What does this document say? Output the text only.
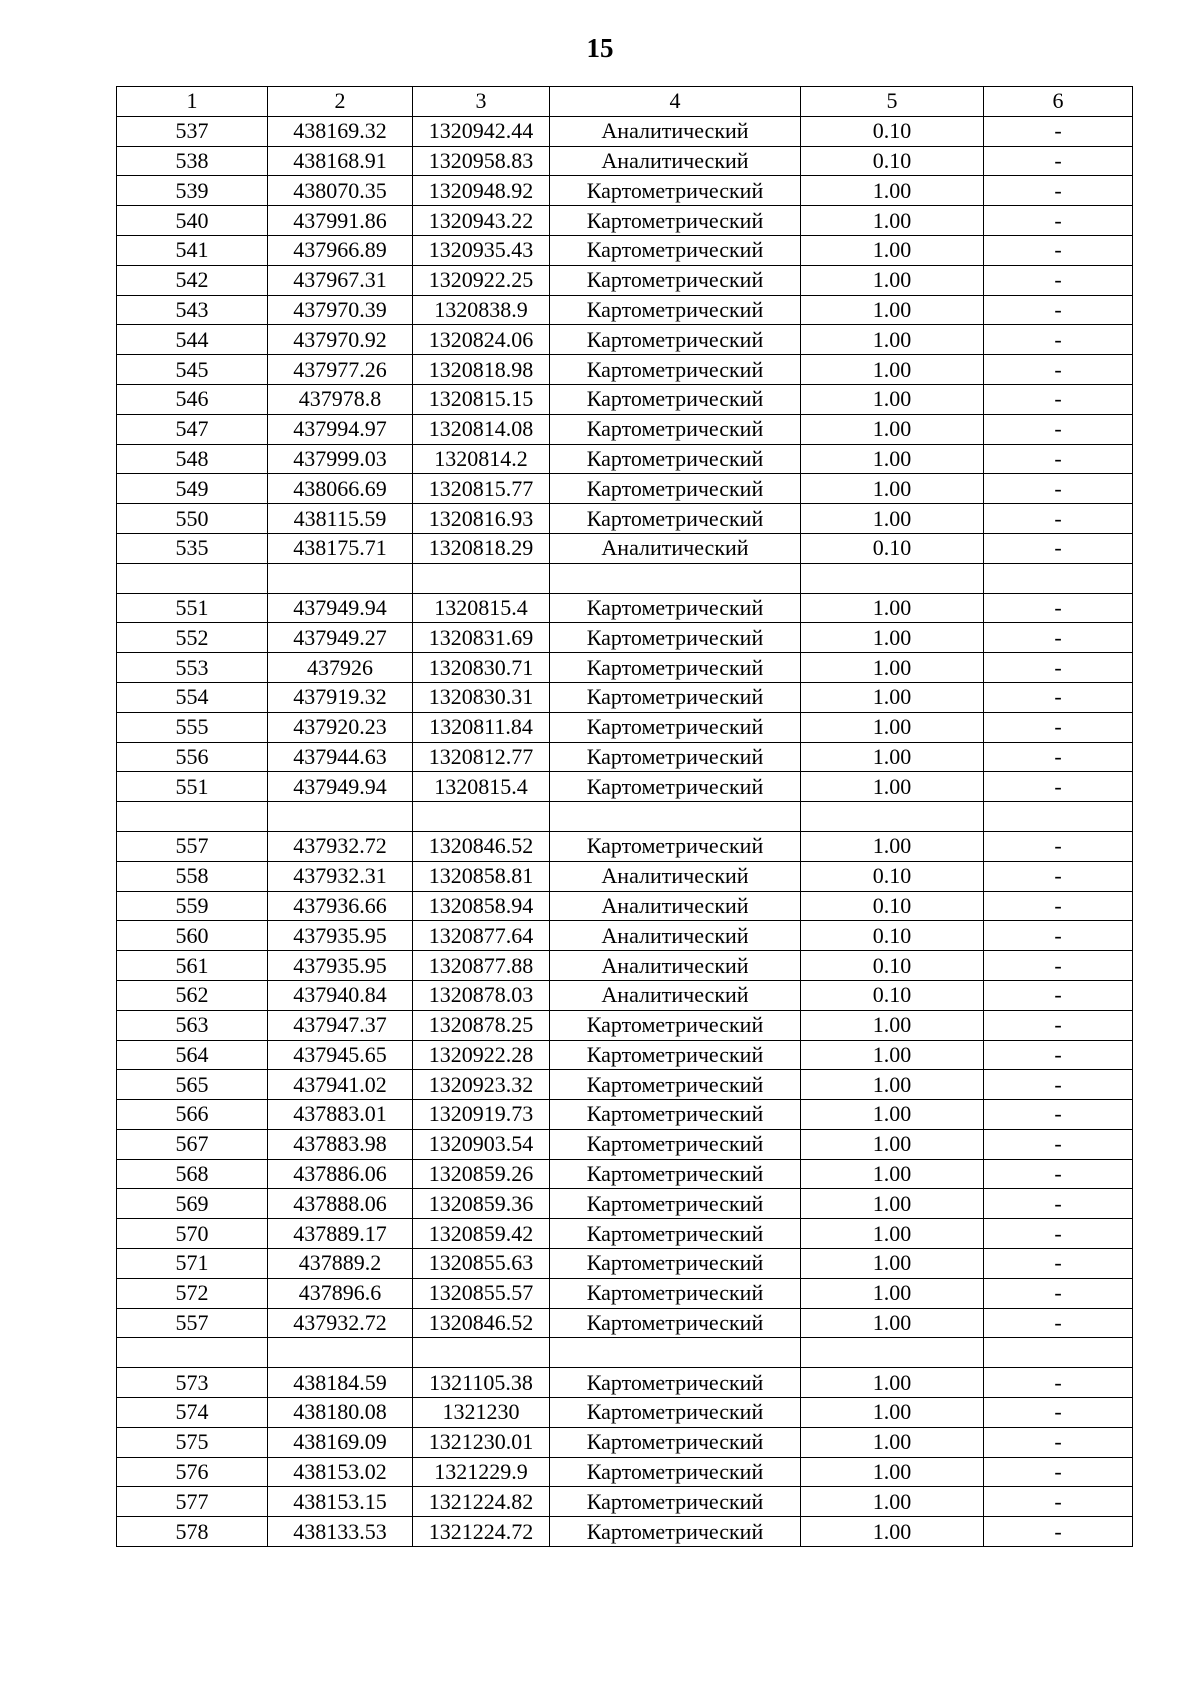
15
1	2	3	4	5	6
537	438169.32	1320942.44	Аналитический	0.10	-
538	438168.91	1320958.83	Аналитический	0.10	-
539	438070.35	1320948.92	Картометрический	1.00	-
540	437991.86	1320943.22	Картометрический	1.00	-
541	437966.89	1320935.43	Картометрический	1.00	-
542	437967.31	1320922.25	Картометрический	1.00	-
543	437970.39	1320838.9	Картометрический	1.00	-
544	437970.92	1320824.06	Картометрический	1.00	-
545	437977.26	1320818.98	Картометрический	1.00	-
546	437978.8	1320815.15	Картометрический	1.00	-
547	437994.97	1320814.08	Картометрический	1.00	-
548	437999.03	1320814.2	Картометрический	1.00	-
549	438066.69	1320815.77	Картометрический	1.00	-
550	438115.59	1320816.93	Картометрический	1.00	-
535	438175.71	1320818.29	Аналитический	0.10	-

551	437949.94	1320815.4	Картометрический	1.00	-
552	437949.27	1320831.69	Картометрический	1.00	-
553	437926	1320830.71	Картометрический	1.00	-
554	437919.32	1320830.31	Картометрический	1.00	-
555	437920.23	1320811.84	Картометрический	1.00	-
556	437944.63	1320812.77	Картометрический	1.00	-
551	437949.94	1320815.4	Картометрический	1.00	-

557	437932.72	1320846.52	Картометрический	1.00	-
558	437932.31	1320858.81	Аналитический	0.10	-
559	437936.66	1320858.94	Аналитический	0.10	-
560	437935.95	1320877.64	Аналитический	0.10	-
561	437935.95	1320877.88	Аналитический	0.10	-
562	437940.84	1320878.03	Аналитический	0.10	-
563	437947.37	1320878.25	Картометрический	1.00	-
564	437945.65	1320922.28	Картометрический	1.00	-
565	437941.02	1320923.32	Картометрический	1.00	-
566	437883.01	1320919.73	Картометрический	1.00	-
567	437883.98	1320903.54	Картометрический	1.00	-
568	437886.06	1320859.26	Картометрический	1.00	-
569	437888.06	1320859.36	Картометрический	1.00	-
570	437889.17	1320859.42	Картометрический	1.00	-
571	437889.2	1320855.63	Картометрический	1.00	-
572	437896.6	1320855.57	Картометрический	1.00	-
557	437932.72	1320846.52	Картометрический	1.00	-

573	438184.59	1321105.38	Картометрический	1.00	-
574	438180.08	1321230	Картометрический	1.00	-
575	438169.09	1321230.01	Картометрический	1.00	-
576	438153.02	1321229.9	Картометрический	1.00	-
577	438153.15	1321224.82	Картометрический	1.00	-
578	438133.53	1321224.72	Картометрический	1.00	-
